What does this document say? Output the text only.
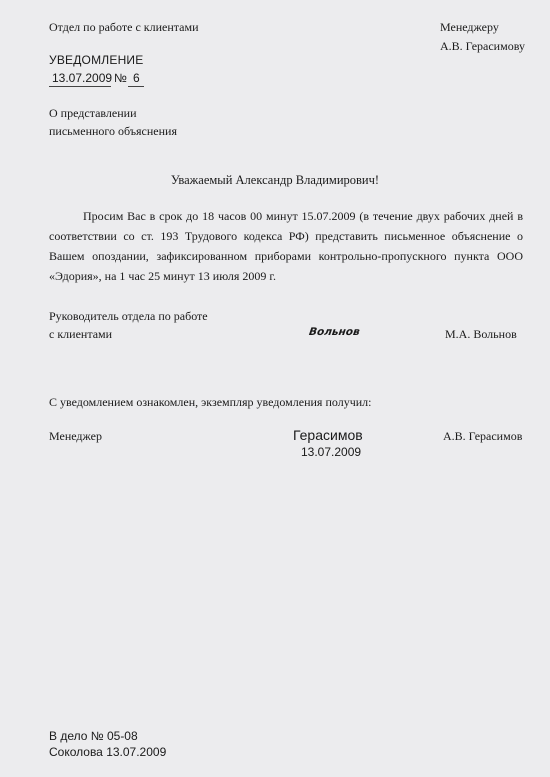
Отдел по работе с клиентами	Менеджеру
А.В. Герасимову
УВЕДОМЛЕНИЕ
13.07.2009 № 6
О представлении
письменного объяснения
Уважаемый Александр Владимирович!
Просим Вас в срок до 18 часов 00 минут 15.07.2009 (в течение двух рабочих дней в соответствии со ст. 193 Трудового кодекса РФ) представить письменное объяснение о Вашем опоздании, зафиксированном приборами контрольно-пропускного пункта ООО «Эдория», на 1 час 25 минут 13 июля 2009 г.
Руководитель отдела по работе
с клиентами	Вольнов	М.А. Вольнов
С уведомлением ознакомлен, экземпляр уведомления получил:
Менеджер	Герасимов
13.07.2009
А.В. Герасимов
В дело № 05-08
Соколова 13.07.2009
